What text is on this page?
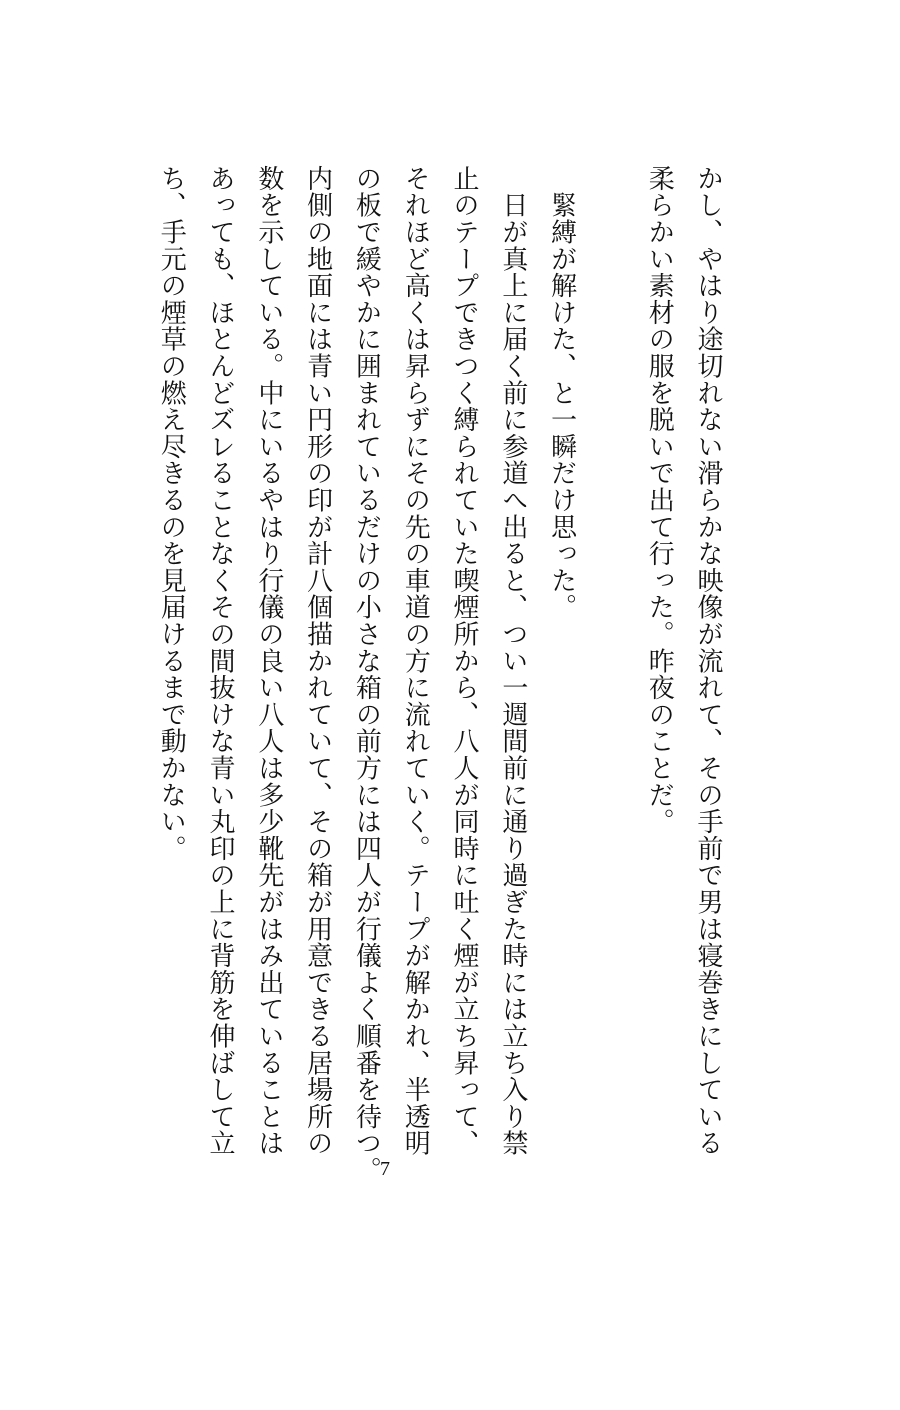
かし、やはり途切れない滑らかな映像が流れて、その手前で男は寝巻きにしている

柔らかい素材の服を脱いで出て行った。昨夜のことだ。

　緊縛が解けた、と一瞬だけ思った。

　日が真上に届く前に参道へ出ると、つい一週間前に通り過ぎた時には立ち入り禁

止のテープできつく縛られていた喫煙所から、八人が同時に吐く煙が立ち昇って、

それほど高くは昇らずにその先の車道の方に流れていく。テープが解かれ、半透明

の板で緩やかに囲まれているだけの小さな箱の前方には四人が行儀よく順番を待つ。

内側の地面には青い円形の印が計八個描かれていて、その箱が用意できる居場所の

数を示している。中にいるやはり行儀の良い八人は多少靴先がはみ出ていることは

あっても、ほとんどズレることなくその間抜けな青い丸印の上に背筋を伸ばして立

ち、手元の煙草の燃え尽きるのを見届けるまで動かない。

7
